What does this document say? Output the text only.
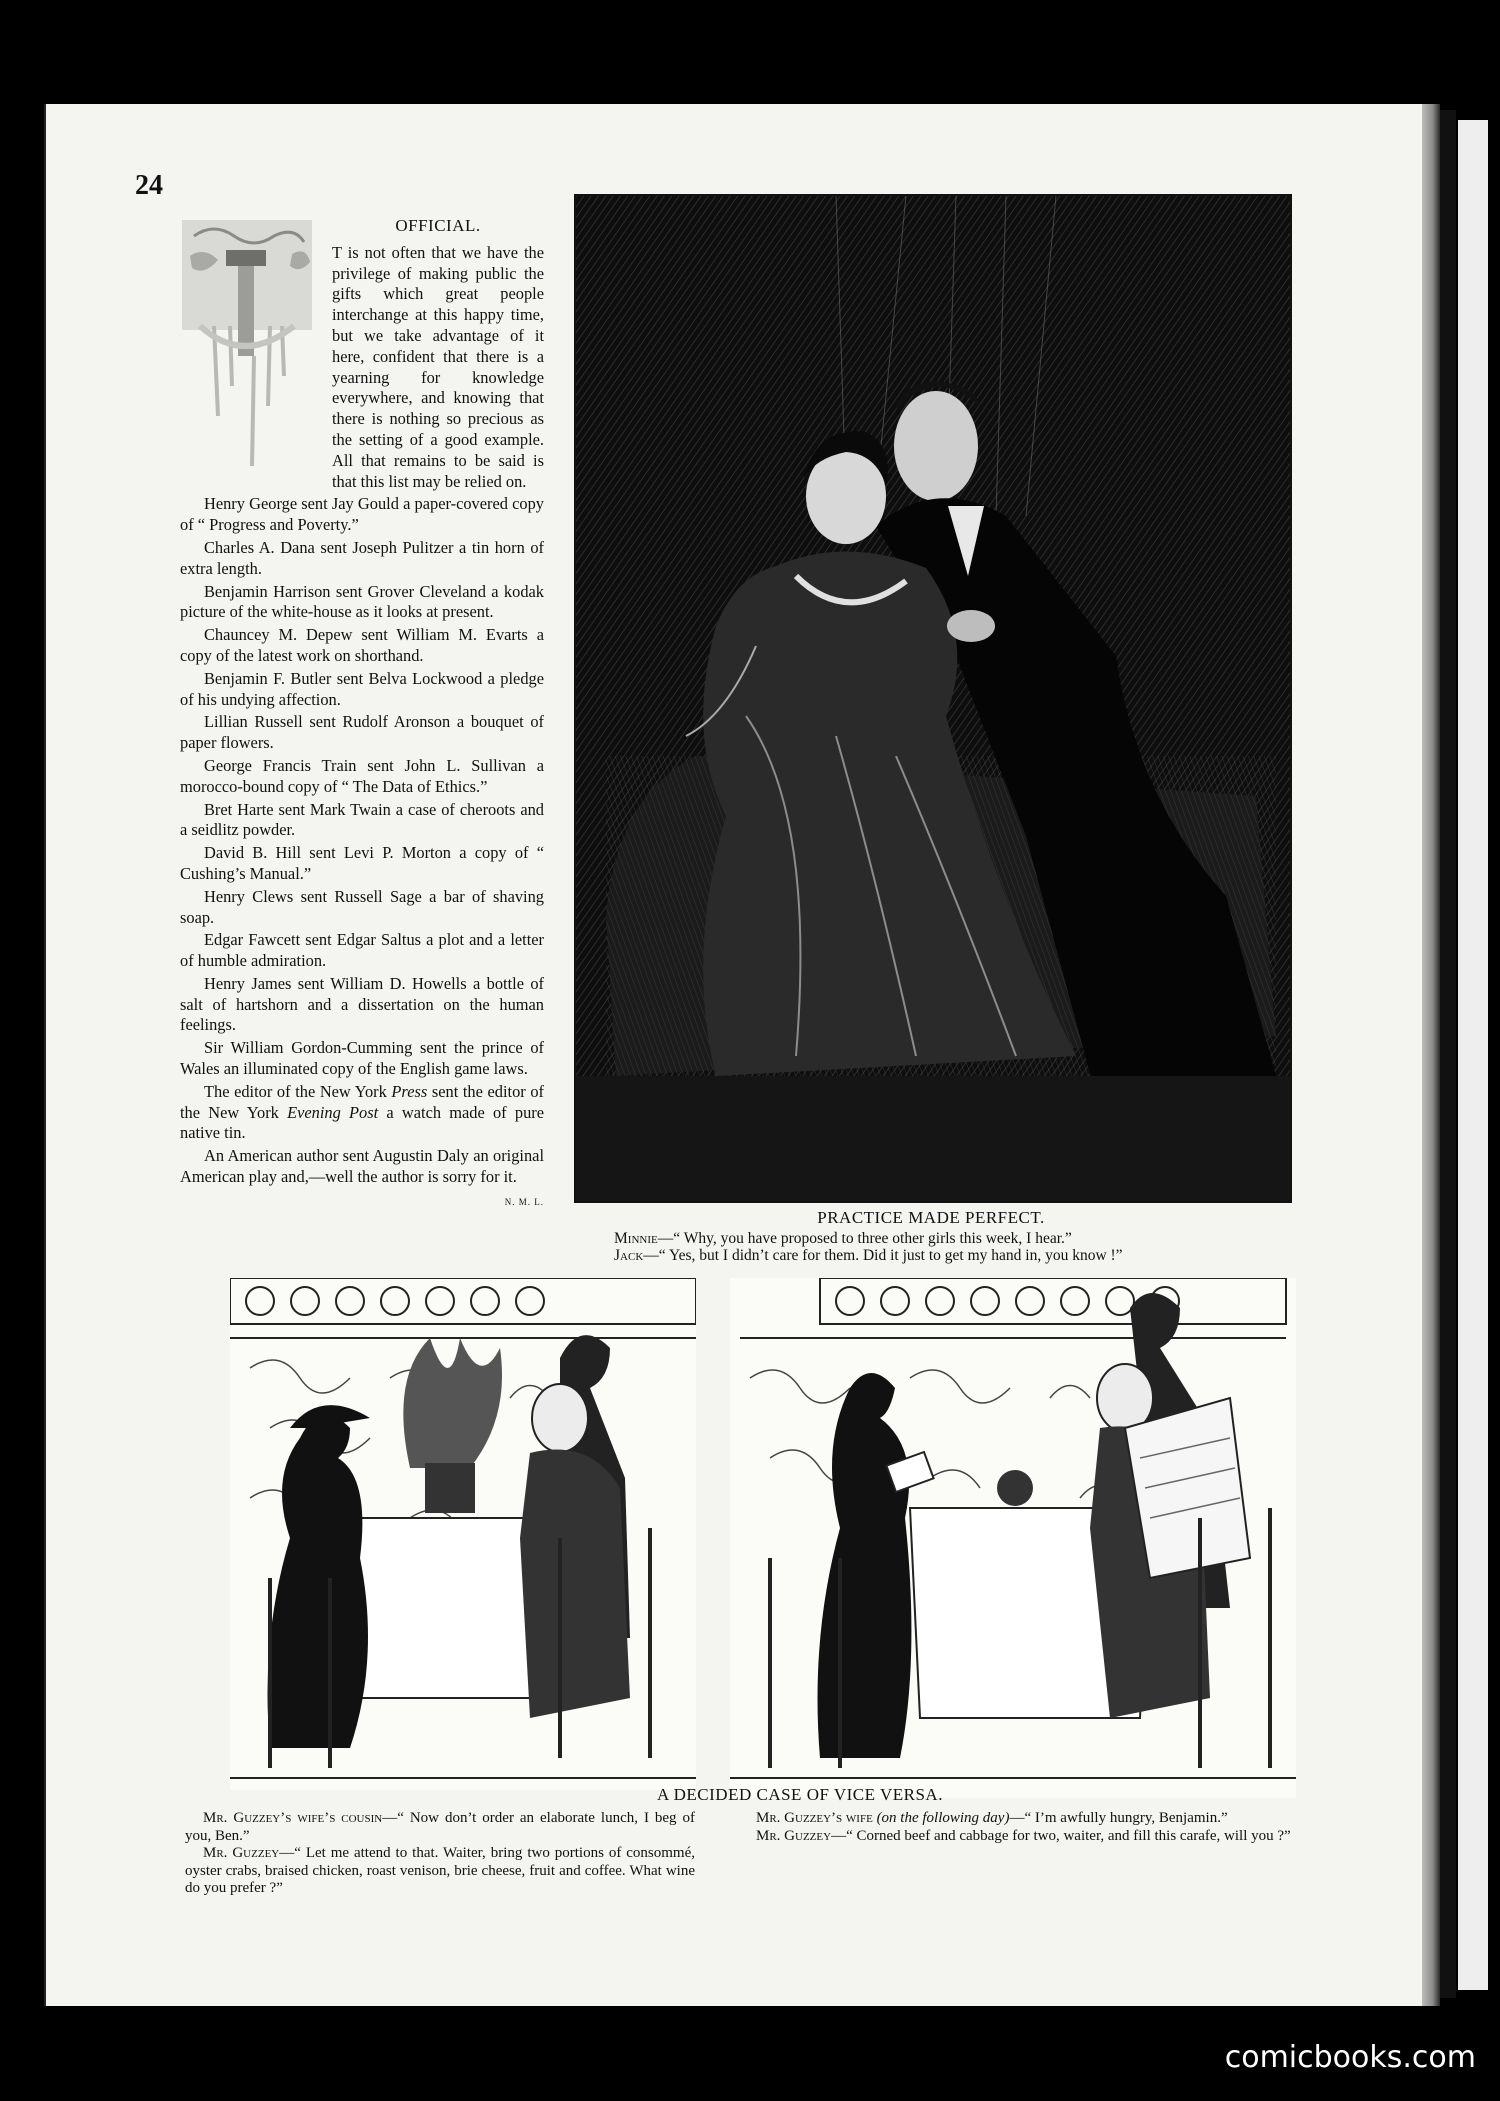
24
OFFICIAL.

T is not often that we have the privilege of making public the gifts which great people interchange at this happy time, but we take advantage of it here, confident that there is a yearning for knowledge everywhere, and knowing that there is nothing so precious as the setting of a good example. All that remains to be said is that this list may be relied on.

Henry George sent Jay Gould a paper-covered copy of “ Progress and Poverty.”

Charles A. Dana sent Joseph Pulitzer a tin horn of extra length.

Benjamin Harrison sent Grover Cleveland a kodak picture of the white-house as it looks at present.

Chauncey M. Depew sent William M. Evarts a copy of the latest work on shorthand.

Benjamin F. Butler sent Belva Lockwood a pledge of his undying affection.

Lillian Russell sent Rudolf Aronson a bouquet of paper flowers.

George Francis Train sent John L. Sullivan a morocco-bound copy of “ The Data of Ethics.”

Bret Harte sent Mark Twain a case of cheroots and a seidlitz powder.

David B. Hill sent Levi P. Morton a copy of “ Cushing’s Manual.”

Henry Clews sent Russell Sage a bar of shaving soap.

Edgar Fawcett sent Edgar Saltus a plot and a letter of humble admiration.

Henry James sent William D. Howells a bottle of salt of hartshorn and a dissertation on the human feelings.

Sir William Gordon-Cumming sent the prince of Wales an illuminated copy of the English game laws.

The editor of the New York Press sent the editor of the New York Evening Post a watch made of pure native tin.

An American author sent Augustin Daly an original American play and,—well the author is sorry for it.
N. M. L.

PRACTICE MADE PERFECT.
Minnie—“ Why, you have proposed to three other girls this week, I hear.”
Jack—“ Yes, but I didn’t care for them. Did it just to get my hand in, you know !”
A DECIDED CASE OF VICE VERSA.

Mr. Guzzey’s wife’s cousin—“ Now don’t order an elaborate lunch, I beg of you, Ben.”

Mr. Guzzey—“ Let me attend to that. Waiter, bring two portions of consommé, oyster crabs, braised chicken, roast venison, brie cheese, fruit and coffee. What wine do you prefer ?”

Mr. Guzzey’s wife (on the following day)—“ I’m awfully hungry, Benjamin.”

Mr. Guzzey—“ Corned beef and cabbage for two, waiter, and fill this carafe, will you ?”

comicbooks.com
